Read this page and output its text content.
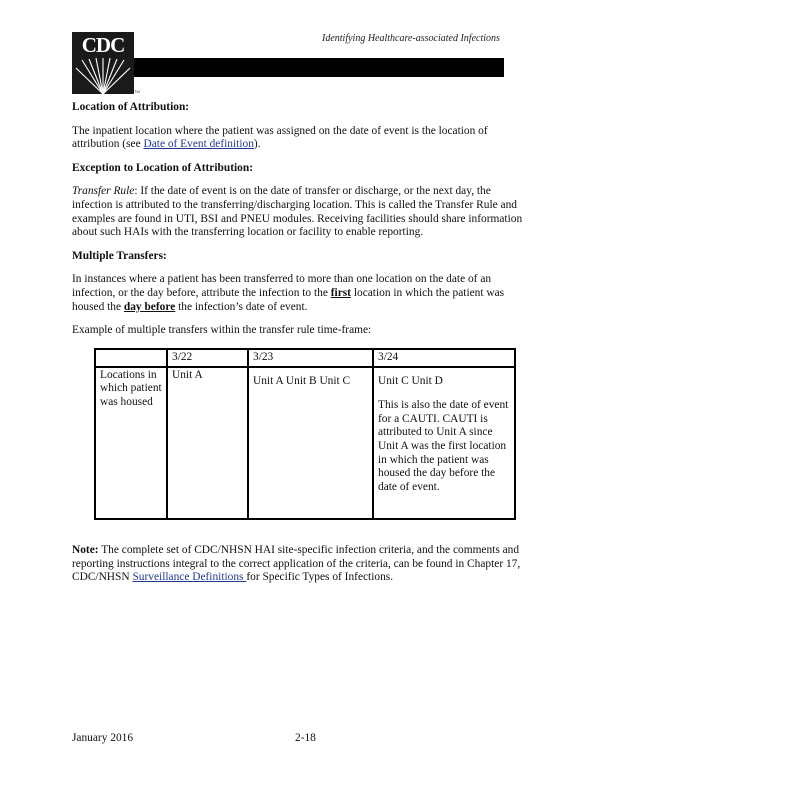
CDC
TM
Identifying Healthcare-associated Infections

Location of Attribution:

The inpatient location where the patient was assigned on the date of event is the location of attribution (see Date of Event definition).

Exception to Location of Attribution:

Transfer Rule: If the date of event is on the date of transfer or discharge, or the next day, the infection is attributed to the transferring/discharging location. This is called the Transfer Rule and examples are found in UTI, BSI and PNEU modules. Receiving facilities should share information about such HAIs with the transferring location or facility to enable reporting.

Multiple Transfers:

In instances where a patient has been transferred to more than one location on the date of an infection, or the day before, attribute the infection to the first location in which the patient was housed the day before the infection’s date of event.

Example of multiple transfers within the transfer rule time-frame:

	3/22	3/23	3/24
Locations in which patient was housed	Unit A	Unit A Unit B Unit C	Unit C Unit D
This is also the date of event for a CAUTI. CAUTI is attributed to Unit A since Unit A was the first location in which the patient was housed the day before the date of event.
Note: The complete set of CDC/NHSN HAI site-specific infection criteria, and the comments and reporting instructions integral to the correct application of the criteria, can be found in Chapter 17, CDC/NHSN Surveillance Definitions for Specific Types of Infections.
January 2016	2-18
